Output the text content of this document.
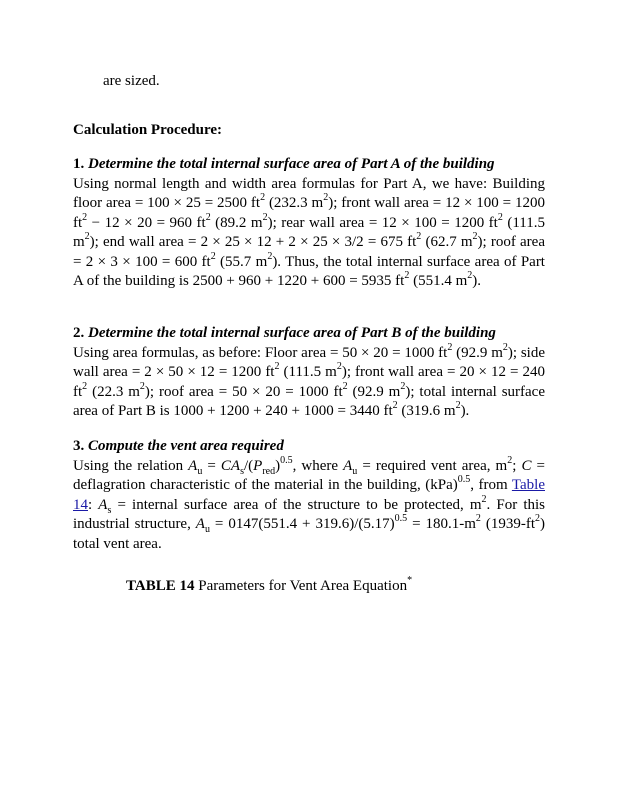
are sized.

Calculation Procedure:

1. Determine the total internal surface area of Part A of the building

Using normal length and width area formulas for Part A, we have: Building floor area = 100 × 25 = 2500 $ft^2$ (232.3 $m^2$); front wall area = 12 × 100 = 1200 $ft^2 - 12 \times 20 = 960$ $ft^2$ (89.2 $m^2$); rear wall area = 12 × 100 = 1200 $ft^2$ (111.5 $m^2$); end wall area = 2 × 25 × 12 + 2 × 25 × 3/2 = 675 $ft^2$ (62.7 $m^2$); roof area = 2 × 3 × 100 = 600 $ft^2$ (55.7 $m^2$). Thus, the total internal surface area of Part A of the building is 2500 + 960 + 1220 + 600 = 5935 $ft^2$ (551.4 $m^2$).

2. Determine the total internal surface area of Part B of the building

Using area formulas, as before: Floor area = 50 × 20 = 1000 $ft^2$ (92.9 $m^2$); side wall area = 2 × 50 × 12 = 1200 $ft^2$ (111.5 $m^2$); front wall area = 20 × 12 = 240 $ft^2$ (22.3 $m^2$); roof area = 50 × 20 = 1000 $ft^2$ (92.9 $m^2$); total internal surface area of Part B is 1000 + 1200 + 240 + 1000 = 3440 $ft^2$ (319.6 $m^2$).

3. Compute the vent area required

Using the relation $A_u = CA_s/(P_{red})^{0.5}$, where $A_u$ = required vent area, $m^2$; C = deflagration characteristic of the material in the building, (kPa)$^{0.5}$, from Table 14: $A_s$ = internal surface area of the structure to be protected, $m^2$. For this industrial structure, $A_u = 0147(551.4 + 319.6)/(5.17)^{0.5} = 180.1-m^2$ $(1939-ft^2)$ total vent area.

TABLE 14 Parameters for Vent Area Equation*
